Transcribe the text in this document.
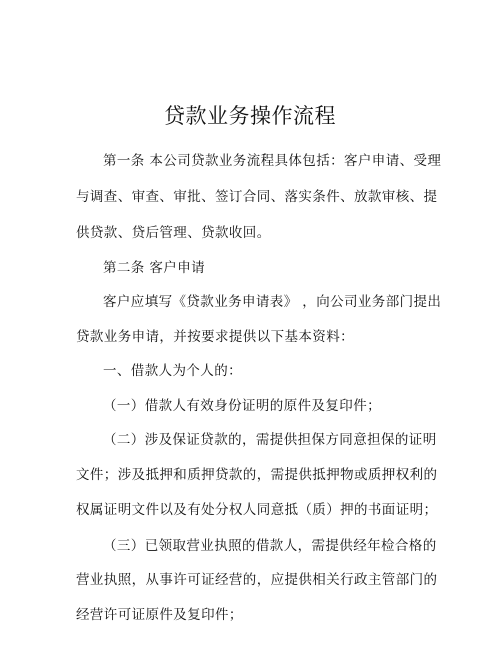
贷款业务操作流程
第一条 本公司贷款业务流程具体包括：客户申请、受理
与调查、审查、审批、签订合同、落实条件、放款审核、提
供贷款、贷后管理、贷款收回。
第二条 客户申请
客户应填写《贷款业务申请表》 ，向公司业务部门提出
贷款业务申请，并按要求提供以下基本资料：
一、借款人为个人的：
（一）借款人有效身份证明的原件及复印件；
（二）涉及保证贷款的，需提供担保方同意担保的证明
文件；涉及抵押和质押贷款的，需提供抵押物或质押权利的
权属证明文件以及有处分权人同意抵（质）押的书面证明；
（三）已领取营业执照的借款人，需提供经年检合格的
营业执照，从事许可证经营的，应提供相关行政主管部门的
经营许可证原件及复印件；
